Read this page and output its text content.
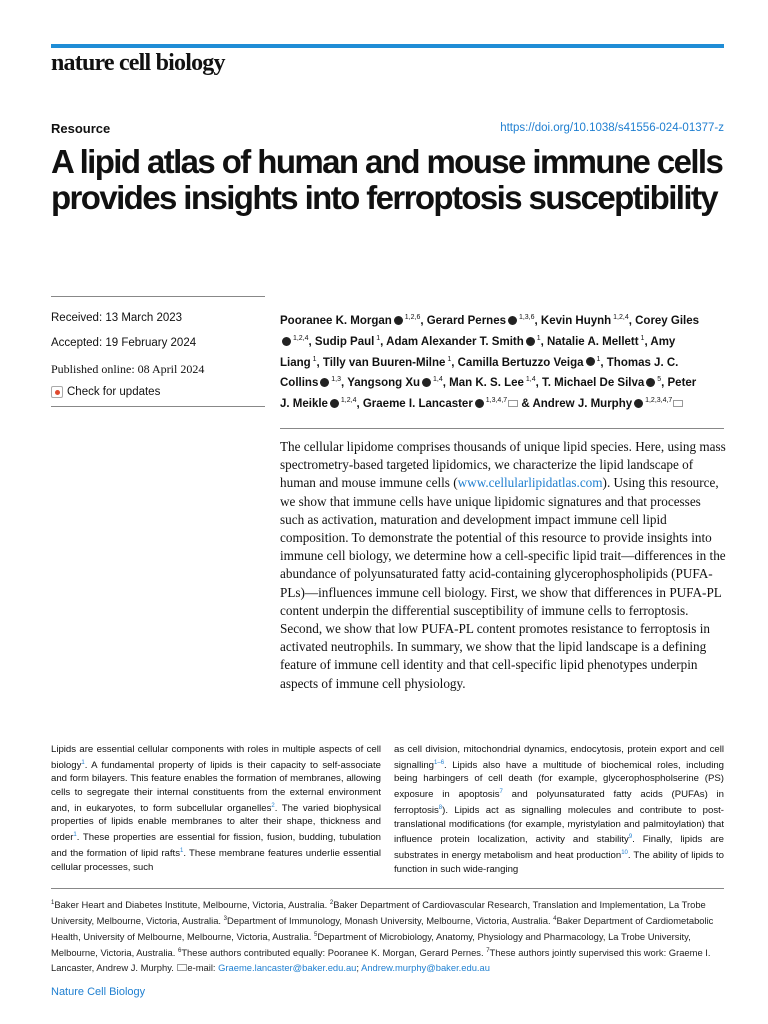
nature cell biology
Resource	https://doi.org/10.1038/s41556-024-01377-z
A lipid atlas of human and mouse immune cells provides insights into ferroptosis susceptibility
Received: 13 March 2023
Accepted: 19 February 2024
Published online: 08 April 2024
Check for updates
Pooranee K. Morgan $^{1,2,6}$, Gerard Pernes $^{1,3,6}$, Kevin Huynh $^{1,2,4}$, Corey Giles $^{1,2,4}$, Sudip Paul $^1$, Adam Alexander T. Smith $^1$, Natalie A. Mellett $^1$, Amy Liang $^1$, Tilly van Buuren-Milne $^1$, Camilla Bertuzzo Veiga $^1$, Thomas J. C. Collins $^{1,3}$, Yangsong Xu $^{1,4}$, Man K. S. Lee $^{1,4}$, T. Michael De Silva $^5$, Peter J. Meikle $^{1,2,4}$, Graeme I. Lancaster $^{1,3,4,7}$ & Andrew J. Murphy $^{1,2,3,4,7}$
The cellular lipidome comprises thousands of unique lipid species. Here, using mass spectrometry-based targeted lipidomics, we characterize the lipid landscape of human and mouse immune cells (www.cellularlipidatlas.com). Using this resource, we show that immune cells have unique lipidomic signatures and that processes such as activation, maturation and development impact immune cell lipid composition. To demonstrate the potential of this resource to provide insights into immune cell biology, we determine how a cell-specific lipid trait—differences in the abundance of polyunsaturated fatty acid-containing glycerophospholipids (PUFA-PLs)—influences immune cell biology. First, we show that differences in PUFA-PL content underpin the differential susceptibility of immune cells to ferroptosis. Second, we show that low PUFA-PL content promotes resistance to ferroptosis in activated neutrophils. In summary, we show that the lipid landscape is a defining feature of immune cell identity and that cell-specific lipid phenotypes underpin aspects of immune cell physiology.
Lipids are essential cellular components with roles in multiple aspects of cell biology$^1$. A fundamental property of lipids is their capacity to self-associate and form bilayers. This feature enables the formation of membranes, allowing cells to segregate their internal constituents from the external environment and, in eukaryotes, to form subcellular organelles$^2$. The varied biophysical properties of lipids enable membranes to alter their shape, thickness and order$^1$. These properties are essential for fission, fusion, budding, tubulation and the formation of lipid rafts$^1$. These membrane features underlie essential cellular processes, such
as cell division, mitochondrial dynamics, endocytosis, protein export and cell signalling$^{1-6}$. Lipids also have a multitude of biochemical roles, including being harbingers of cell death (for example, glycerophospholserine (PS) exposure in apoptosis$^7$ and polyunsaturated fatty acids (PUFAs) in ferroptosis$^8$). Lipids act as signalling molecules and contribute to post-translational modifications (for example, myristylation and palmitoylation) that influence protein localization, activity and stability$^9$. Finally, lipids are substrates in energy metabolism and heat production$^{10}$. The ability of lipids to function in such wide-ranging
$^1$Baker Heart and Diabetes Institute, Melbourne, Victoria, Australia. $^2$Baker Department of Cardiovascular Research, Translation and Implementation, La Trobe University, Melbourne, Victoria, Australia. $^3$Department of Immunology, Monash University, Melbourne, Victoria, Australia. $^4$Baker Department of Cardiometabolic Health, University of Melbourne, Melbourne, Victoria, Australia. $^5$Department of Microbiology, Anatomy, Physiology and Pharmacology, La Trobe University, Melbourne, Victoria, Australia. $^6$These authors contributed equally: Pooranee K. Morgan, Gerard Pernes. $^7$These authors jointly supervised this work: Graeme I. Lancaster, Andrew J. Murphy. e-mail: Graeme.lancaster@baker.edu.au; Andrew.murphy@baker.edu.au
Nature Cell Biology
